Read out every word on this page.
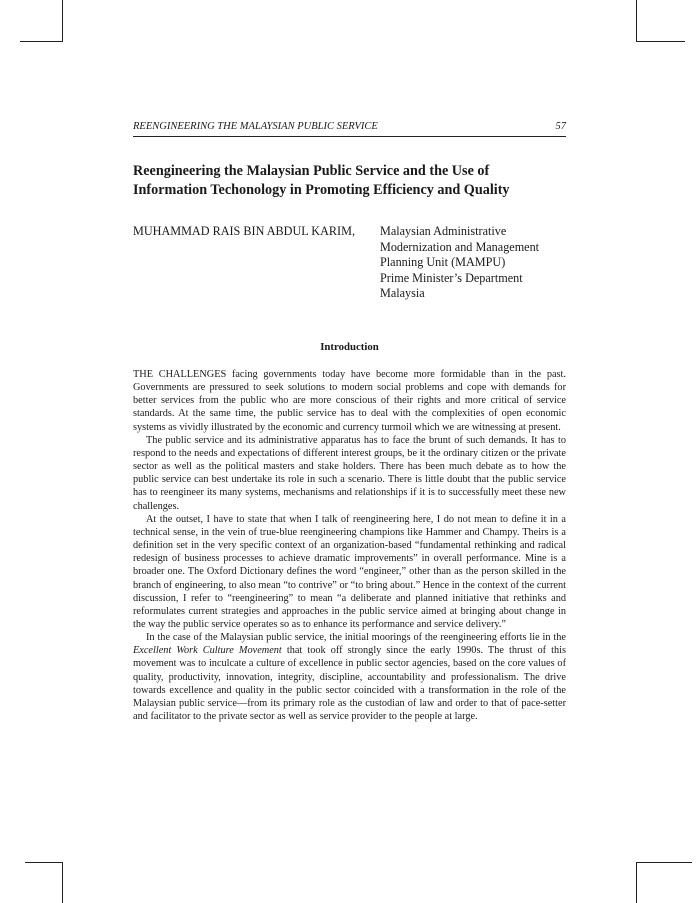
REENGINEERING THE MALAYSIAN PUBLIC SERVICE	57
Reengineering the Malaysian Public Service and the Use of
Information Techonology in Promoting Efficiency and Quality
MUHAMMAD RAIS BIN ABDUL KARIM, Malaysian Administrative
Modernization and Management
Planning Unit (MAMPU)
Prime Minister’s Department
Malaysia
Introduction

THE CHALLENGES facing governments today have become more formidable than in the past. Governments are pressured to seek solutions to modern social problems and cope with demands for better services from the public who are more conscious of their rights and more critical of service standards. At the same time, the public service has to deal with the complexities of open economic systems as vividly illustrated by the economic and currency turmoil which we are witnessing at present.

The public service and its administrative apparatus has to face the brunt of such demands. It has to respond to the needs and expectations of different interest groups, be it the ordinary citizen or the private sector as well as the political masters and stake holders. There has been much debate as to how the public service can best undertake its role in such a scenario. There is little doubt that the public service has to reengineer its many systems, mechanisms and relationships if it is to successfully meet these new challenges.

At the outset, I have to state that when I talk of reengineering here, I do not mean to define it in a technical sense, in the vein of true-blue reengineering champions like Hammer and Champy. Theirs is a definition set in the very specific context of an organization-based “fundamental rethinking and radical redesign of business processes to achieve dramatic improvements” in overall performance. Mine is a broader one. The Oxford Dictionary defines the word “engineer,” other than as the person skilled in the branch of engineering, to also mean “to contrive” or “to bring about.” Hence in the context of the current discussion, I refer to “reengineering” to mean “a deliberate and planned initiative that rethinks and reformulates current strategies and approaches in the public service aimed at bringing about change in the way the public service operates so as to enhance its performance and service delivery.”

In the case of the Malaysian public service, the initial moorings of the reengineering efforts lie in the Excellent Work Culture Movement that took off strongly since the early 1990s. The thrust of this movement was to inculcate a culture of excellence in public sector agencies, based on the core values of quality, productivity, innovation, integrity, discipline, accountability and professionalism. The drive towards excellence and quality in the public sector coincided with a transformation in the role of the Malaysian public service—from its primary role as the custodian of law and order to that of pace-setter and facilitator to the private sector as well as service provider to the people at large.
